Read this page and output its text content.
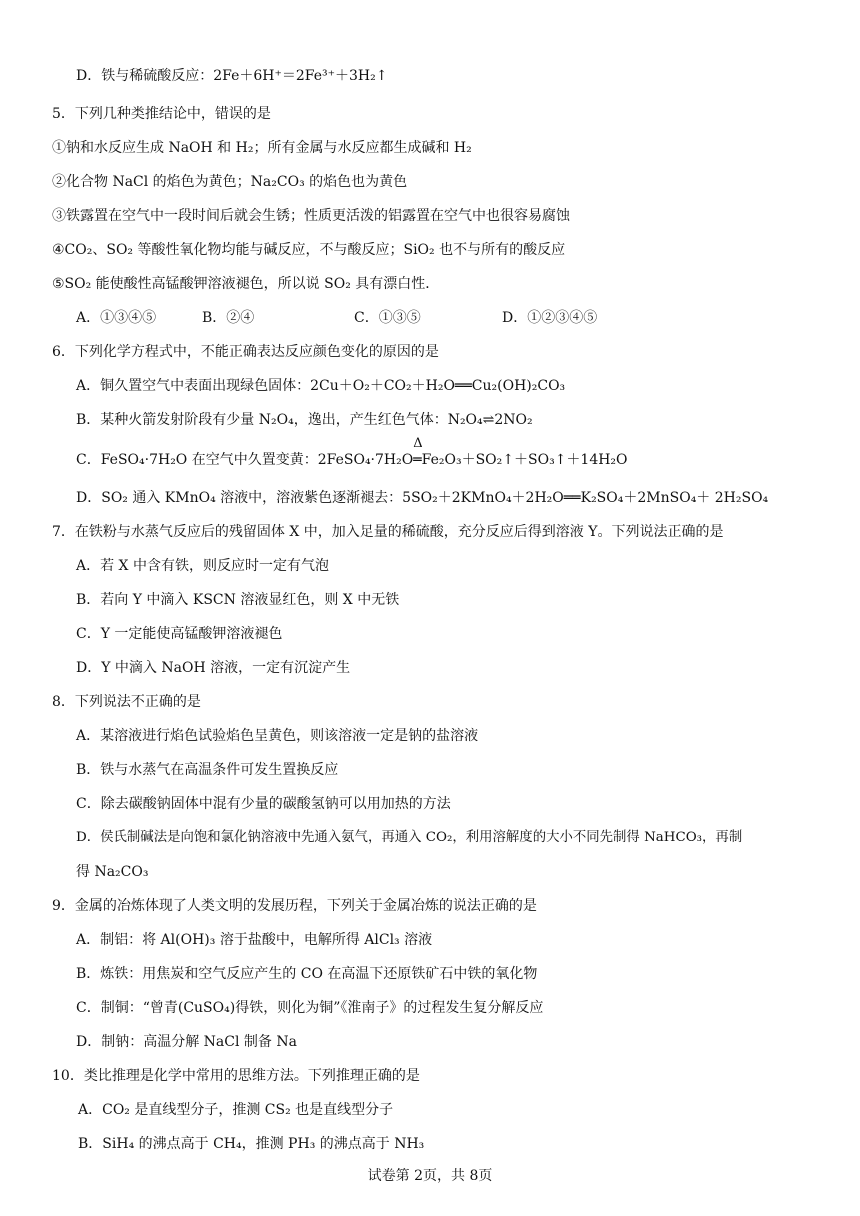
D．铁与稀硫酸反应：2Fe＋6H⁺＝2Fe³⁺＋3H₂↑
5．下列几种类推结论中，错误的是
①钠和水反应生成 NaOH 和 H₂；所有金属与水反应都生成碱和 H₂
②化合物 NaCl 的焰色为黄色；Na₂CO₃ 的焰色也为黄色
③铁露置在空气中一段时间后就会生锈；性质更活泼的铝露置在空气中也很容易腐蚀
④CO₂、SO₂ 等酸性氧化物均能与碱反应，不与酸反应；SiO₂ 也不与所有的酸反应
⑤SO₂ 能使酸性高锰酸钾溶液褪色，所以说 SO₂ 具有漂白性．
A．①③④⑤	B．②④	C．①③⑤	D．①②③④⑤
6．下列化学方程式中，不能正确表达反应颜色变化的原因的是
A．铜久置空气中表面出现绿色固体：2Cu＋O₂＋CO₂＋H₂O══Cu₂(OH)₂CO₃
B．某种火箭发射阶段有少量 N₂O₄，逸出，产生红色气体：N₂O₄⇌2NO₂
C．FeSO₄·7H₂O 在空气中久置变黄：2FeSO₄·7H₂O
Δ
═Fe₂O₃＋SO₂↑＋SO₃↑＋14H₂O
D．SO₂ 通入 KMnO₄ 溶液中，溶液紫色逐渐褪去：5SO₂＋2KMnO₄＋2H₂O══K₂SO₄＋2MnSO₄＋ 2H₂SO₄
7．在铁粉与水蒸气反应后的残留固体 X 中，加入足量的稀硫酸，充分反应后得到溶液 Y。下列说法正确的是
A．若 X 中含有铁，则反应时一定有气泡
B．若向 Y 中滴入 KSCN 溶液显红色，则 X 中无铁
C．Y 一定能使高锰酸钾溶液褪色
D．Y 中滴入 NaOH 溶液，一定有沉淀产生
8．下列说法不正确的是
A．某溶液进行焰色试验焰色呈黄色，则该溶液一定是钠的盐溶液
B．铁与水蒸气在高温条件可发生置换反应
C．除去碳酸钠固体中混有少量的碳酸氢钠可以用加热的方法
D．侯氏制碱法是向饱和氯化钠溶液中先通入氨气，再通入 CO₂，利用溶解度的大小不同先制得 NaHCO₃，再制
得 Na₂CO₃
9．金属的冶炼体现了人类文明的发展历程，下列关于金属冶炼的说法正确的是
A．制铝：将 Al(OH)₃ 溶于盐酸中，电解所得 AlCl₃ 溶液
B．炼铁：用焦炭和空气反应产生的 CO 在高温下还原铁矿石中铁的氧化物
C．制铜：“曾青(CuSO₄)得铁，则化为铜”《淮南子》的过程发生复分解反应
D．制钠：高温分解 NaCl 制备 Na
10．类比推理是化学中常用的思维方法。下列推理正确的是
A．CO₂ 是直线型分子，推测 CS₂ 也是直线型分子
B．SiH₄ 的沸点高于 CH₄，推测 PH₃ 的沸点高于 NH₃
试卷第 2页，共 8页
